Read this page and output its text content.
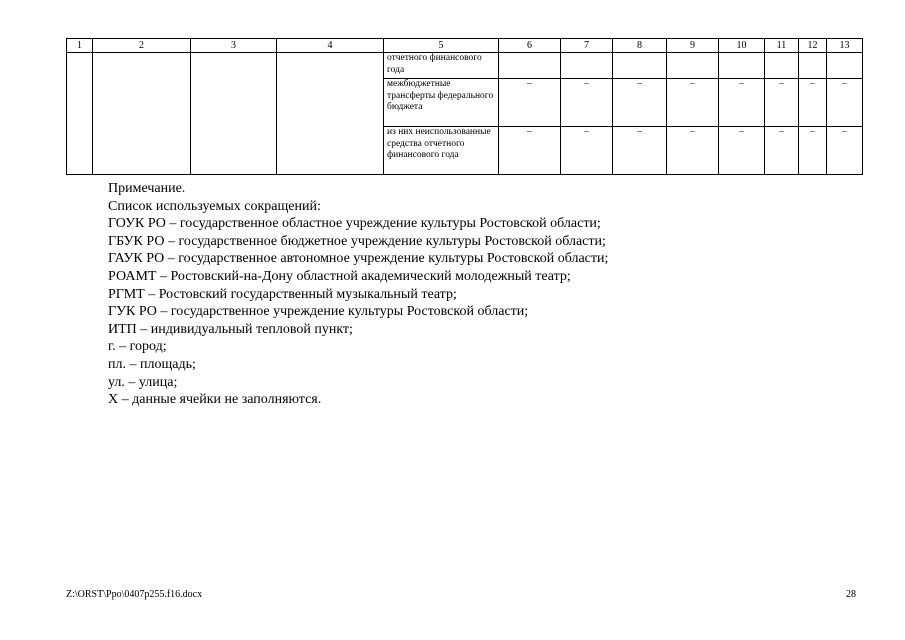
1	2	3	4	5	6	7	8	9	10	11	12	13
				отчетного финансового года								
				межбюджетные трансферты федерального бюджета	–	–	–	–	–	–	–	–
				из них неиспользованные средства отчетного финансового года	–	–	–	–	–	–	–	–
Примечание.
Список используемых сокращений:
ГОУК РО – государственное областное учреждение культуры Ростовской области;
ГБУК РО – государственное бюджетное учреждение культуры Ростовской области;
ГАУК РО – государственное автономное учреждение культуры Ростовской области;
РОАМТ – Ростовский-на-Дону областной академический молодежный театр;
РГМТ – Ростовский государственный музыкальный театр;
ГУК РО – государственное учреждение культуры Ростовской области;
ИТП – индивидуальный тепловой пункт;
г. – город;
пл. – площадь;
ул. – улица;
Х – данные ячейки не заполняются.
Z:\ORST\Ppo\0407p255.f16.docx	28
